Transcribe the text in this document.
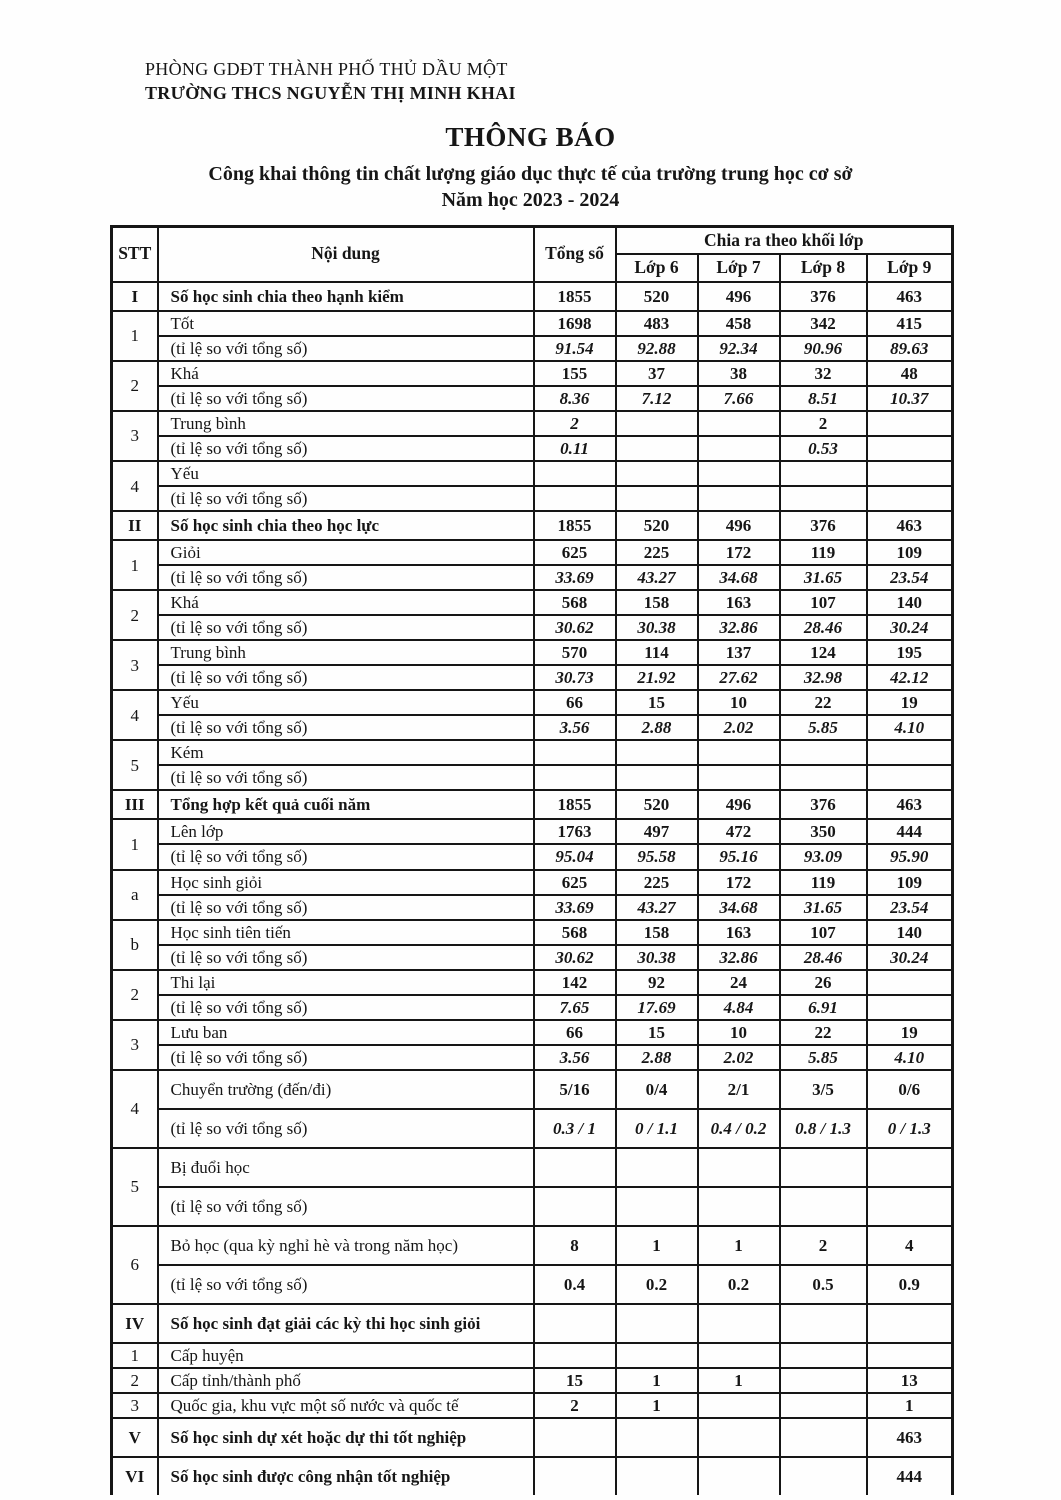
PHÒNG GDĐT THÀNH PHỐ THỦ DẦU MỘT
TRƯỜNG THCS NGUYỄN THỊ MINH KHAI
THÔNG BÁO
Công khai thông tin chất lượng giáo dục thực tế của trường trung học cơ sở
Năm học 2023 - 2024
STT	Nội dung	Tổng số	Chia ra theo khối lớp			
			Lớp 6	Lớp 7	Lớp 8	Lớp 9
I	Số học sinh chia theo hạnh kiểm	1855	520	496	376	463
1	Tốt	1698	483	458	342	415
	(tỉ lệ so với tổng số)	91.54	92.88	92.34	90.96	89.63
2	Khá	155	37	38	32	48
	(tỉ lệ so với tổng số)	8.36	7.12	7.66	8.51	10.37
3	Trung bình	2			2	
	(tỉ lệ so với tổng số)	0.11			0.53	
4	Yếu					
	(tỉ lệ so với tổng số)					
II	Số học sinh chia theo học lực	1855	520	496	376	463
1	Giỏi	625	225	172	119	109
	(tỉ lệ so với tổng số)	33.69	43.27	34.68	31.65	23.54
2	Khá	568	158	163	107	140
	(tỉ lệ so với tổng số)	30.62	30.38	32.86	28.46	30.24
3	Trung bình	570	114	137	124	195
	(tỉ lệ so với tổng số)	30.73	21.92	27.62	32.98	42.12
4	Yếu	66	15	10	22	19
	(tỉ lệ so với tổng số)	3.56	2.88	2.02	5.85	4.10
5	Kém					
	(tỉ lệ so với tổng số)					
III	Tổng hợp kết quả cuối năm	1855	520	496	376	463
1	Lên lớp	1763	497	472	350	444
	(tỉ lệ so với tổng số)	95.04	95.58	95.16	93.09	95.90
a	Học sinh giỏi	625	225	172	119	109
	(tỉ lệ so với tổng số)	33.69	43.27	34.68	31.65	23.54
b	Học sinh tiên tiến	568	158	163	107	140
	(tỉ lệ so với tổng số)	30.62	30.38	32.86	28.46	30.24
2	Thi lại	142	92	24	26	
	(tỉ lệ so với tổng số)	7.65	17.69	4.84	6.91	
3	Lưu ban	66	15	10	22	19
	(tỉ lệ so với tổng số)	3.56	2.88	2.02	5.85	4.10
4	Chuyển trường (đến/đi)	5/16	0/4	2/1	3/5	0/6
	(tỉ lệ so với tổng số)	0.3 / 1	0 / 1.1	0.4 / 0.2	0.8 / 1.3	0 / 1.3
5	Bị đuổi học					
	(tỉ lệ so với tổng số)					
6	Bỏ học (qua kỳ nghỉ hè và trong năm học)	8	1	1	2	4
	(tỉ lệ so với tổng số)	0.4	0.2	0.2	0.5	0.9
IV	Số học sinh đạt giải các kỳ thi học sinh giỏi					
1	Cấp huyện					
2	Cấp tỉnh/thành phố	15	1	1		13
3	Quốc gia, khu vực một số nước và quốc tế	2	1			1
V	Số học sinh dự xét hoặc dự thi tốt nghiệp					463
VI	Số học sinh được công nhận tốt nghiệp					444
